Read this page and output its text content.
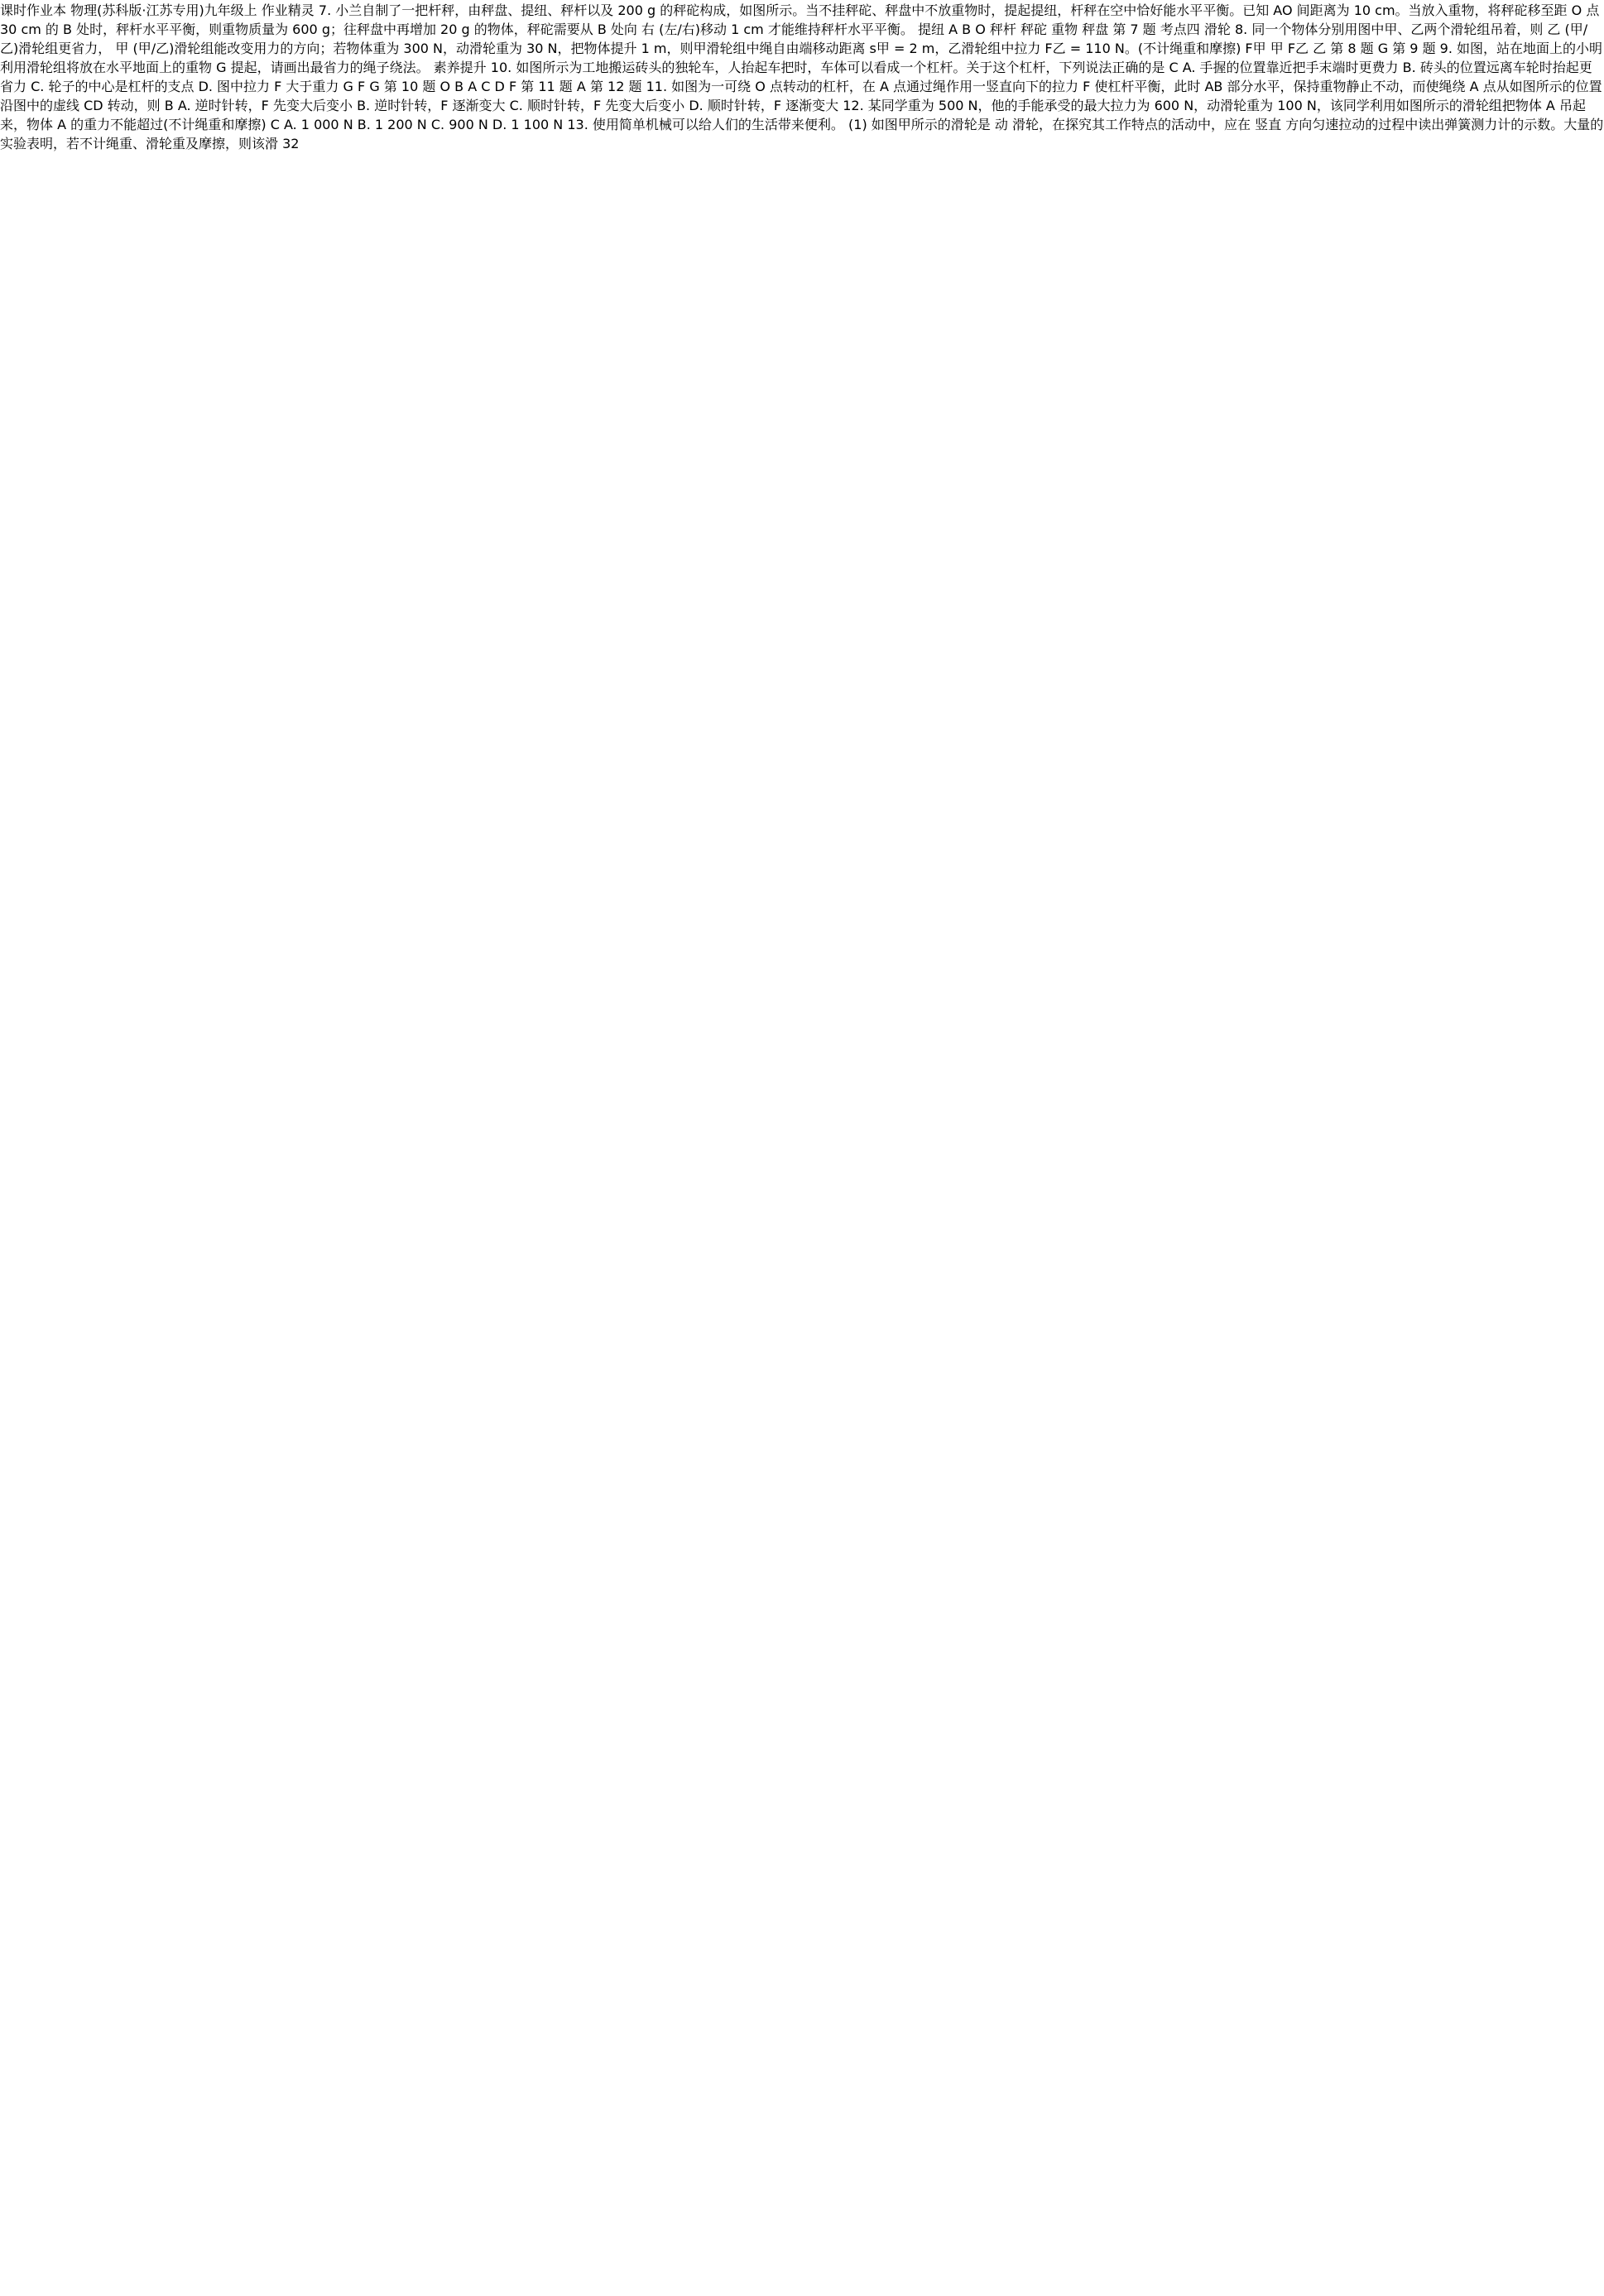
课时作业本 物理(苏科版·江苏专用)九年级上 作业精灵 7. 小兰自制了一把杆秤，由秤盘、提纽、秤杆以及 200 g 的秤砣构成，如图所示。当不挂秤砣、秤盘中不放重物时，提起提纽，杆秤在空中恰好能水平平衡。已知 AO 间距离为 10 cm。当放入重物，将秤砣移至距 O 点 30 cm 的 B 处时，秤杆水平平衡，则重物质量为 600 g；往秤盘中再增加 20 g 的物体，秤砣需要从 B 处向 右 (左/右)移动 1 cm 才能维持秤杆水平平衡。 提纽 A B O 秤杆 秤砣 重物 秤盘 第 7 题 考点四 滑轮 8. 同一个物体分别用图中甲、乙两个滑轮组吊着，则 乙 (甲/乙)滑轮组更省力， 甲 (甲/乙)滑轮组能改变用力的方向；若物体重为 300 N，动滑轮重为 30 N，把物体提升 1 m，则甲滑轮组中绳自由端移动距离 s甲 = 2 m，乙滑轮组中拉力 F乙 = 110 N。(不计绳重和摩擦) F甲 甲 F乙 乙 第 8 题 G 第 9 题 9. 如图，站在地面上的小明利用滑轮组将放在水平地面上的重物 G 提起，请画出最省力的绳子绕法。 素养提升 10. 如图所示为工地搬运砖头的独轮车，人抬起车把时，车体可以看成一个杠杆。关于这个杠杆，下列说法正确的是 C A. 手握的位置靠近把手末端时更费力 B. 砖头的位置远离车轮时抬起更省力 C. 轮子的中心是杠杆的支点 D. 图中拉力 F 大于重力 G F G 第 10 题 O B A C D F 第 11 题 A 第 12 题 11. 如图为一可绕 O 点转动的杠杆，在 A 点通过绳作用一竖直向下的拉力 F 使杠杆平衡，此时 AB 部分水平，保持重物静止不动，而使绳绕 A 点从如图所示的位置沿图中的虚线 CD 转动，则 B A. 逆时针转，F 先变大后变小 B. 逆时针转，F 逐渐变大 C. 顺时针转，F 先变大后变小 D. 顺时针转，F 逐渐变大 12. 某同学重为 500 N，他的手能承受的最大拉力为 600 N，动滑轮重为 100 N，该同学利用如图所示的滑轮组把物体 A 吊起来，物体 A 的重力不能超过(不计绳重和摩擦) C A. 1 000 N B. 1 200 N C. 900 N D. 1 100 N 13. 使用简单机械可以给人们的生活带来便利。 (1) 如图甲所示的滑轮是 动 滑轮，在探究其工作特点的活动中，应在 竖直 方向匀速拉动的过程中读出弹簧测力计的示数。大量的实验表明，若不计绳重、滑轮重及摩擦，则该滑 32
